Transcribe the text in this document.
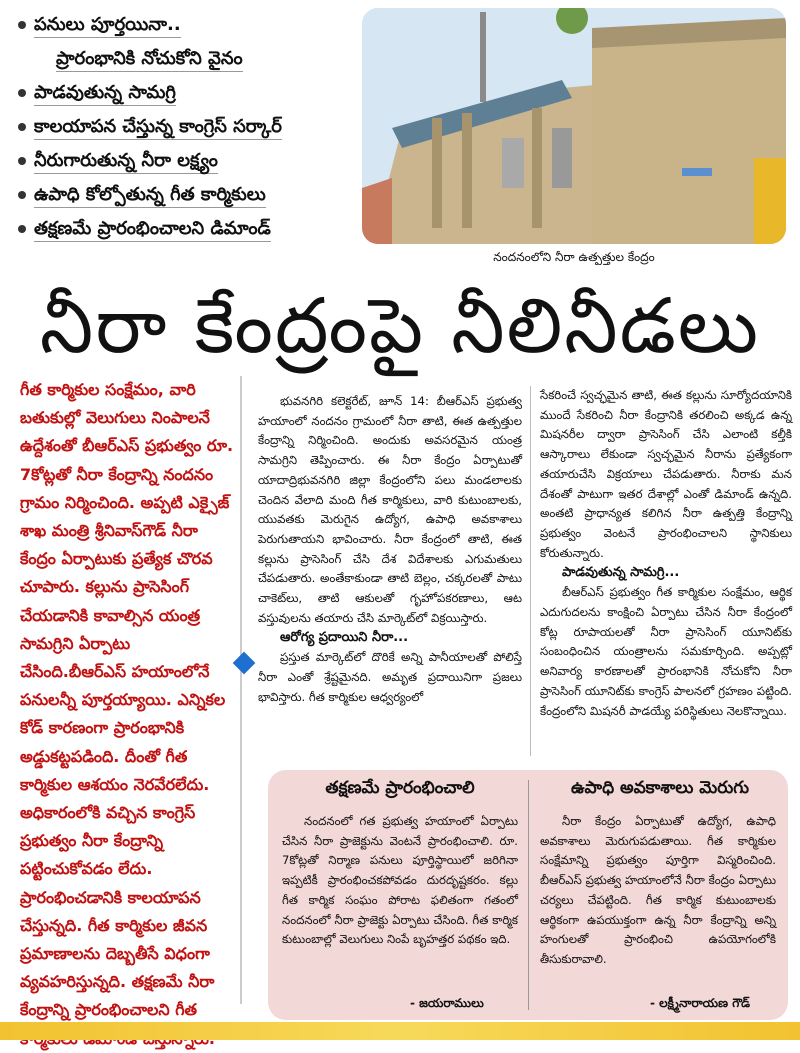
పనులు పూర్తయినా..
ప్రారంభానికి నోచుకోని వైనం
పాడవుతున్న సామగ్రి
కాలయాపన చేస్తున్న కాంగ్రెస్ సర్కార్
నీరుగారుతున్న నీరా లక్ష్యం
ఉపాధి కోల్పోతున్న గీత కార్మికులు
తక్షణమే ప్రారంభించాలని డిమాండ్
నందనంలోని నీరా ఉత్పత్తుల కేంద్రం
నీరా కేంద్రంపై నీలినీడలు

గీత కార్మికుల సంక్షేమం, వారి బతుకుల్లో వెలుగులు నింపాలనే ఉద్దేశంతో బీఆర్ఎస్ ప్రభుత్వం రూ. 7కోట్లతో నీరా కేంద్రాన్ని నందనం గ్రామం నిర్మించింది. అప్పటి ఎక్సైజ్ శాఖ మంత్రి శ్రీనివాస్‌గౌడ్ నీరా కేంద్రం ఏర్పాటుకు ప్రత్యేక చొరవ చూపారు. కల్లును ప్రాసెసింగ్ చేయడానికి కావాల్సిన యంత్ర సామగ్రిని ఏర్పాటు చేసింది.బీఆర్ఎస్ హయాంలోనే పనులన్నీ పూర్తయ్యాయి. ఎన్నికల కోడ్ కారణంగా ప్రారంభానికి అడ్డుకట్టపడింది. దీంతో గీత కార్మికుల ఆశయం నెరవేరలేదు. అధికారంలోకి వచ్చిన కాంగ్రెస్ ప్రభుత్వం నీరా కేంద్రాన్ని పట్టించుకోవడం లేదు. ప్రారంభించడానికి కాలయాపన చేస్తున్నది. గీత కార్మికుల జీవన ప్రమాణాలను దెబ్బతీసే విధంగా వ్యవహరిస్తున్నది. తక్షణమే నీరా కేంద్రాన్ని ప్రారంభించాలని గీత

భువనగిరి కలెక్టరేట్, జూన్ 14: బీఆర్ఎస్ ప్రభుత్వ హయాంలో నందనం గ్రామంలో నీరా తాటి, ఈత ఉత్పత్తుల కేంద్రాన్ని నిర్మించింది. అందుకు అవసరమైన యంత్ర సామగ్రిని తెప్పించారు. ఈ నీరా కేంద్రం ఏర్పాటుతో యాదాద్రిభువనగిరి జిల్లా కేంద్రంలోని పలు మండలాలకు చెందిన వేలాది మంది గీత కార్మికులు, వారి కుటుంబాలకు, యువతకు మెరుగైన ఉద్యోగ, ఉపాధి అవకాశాలు పెరుగుతాయని భావించారు. నీరా కేంద్రంలో తాటి, ఈత కల్లును ప్రాసెసింగ్ చేసి దేశ విదేశాలకు ఎగుమతులు చేపడుతారు. అంతేకాకుండా తాటి బెల్లం, చక్కరలతో పాటు చాకెట్‌లు, తాటి ఆకులతో గృహోపకరణాలు, ఆట వస్తువులను తయారు చేసి మార్కెట్‌లో విక్రయిస్తారు.

ఆరోగ్య ప్రదాయిని నీరా...

ప్రస్తుత మార్కెట్‌లో దొరికే అన్ని పానీయాలతో పోలిస్తే నీరా ఎంతో శ్రేష్టమైనది. అమృత ప్రదాయినిగా ప్రజలు భావిస్తారు. గీత కార్మికుల ఆధ్వర్యంలో

సేకరించే స్వచ్ఛమైన తాటి, ఈత కల్లును సూర్యోదయానికి ముందే సేకరించి నీరా కేంద్రానికి తరలించి అక్కడ ఉన్న మిషనరీల ద్వారా ప్రాసెసింగ్ చేసి ఎలాంటి కల్తీకి ఆస్కారాలు లేకుండా స్వచ్ఛమైన నీరాను ప్రత్యేకంగా తయారుచేసి విక్రయాలు చేపడుతారు. నీరాకు మన దేశంతో పాటుగా ఇతర దేశాల్లో ఎంతో డిమాండ్ ఉన్నది. అంతటి ప్రాధాన్యత కలిగిన నీరా ఉత్పత్తి కేంద్రాన్ని ప్రభుత్వం వెంటనే ప్రారంభించాలని స్థానికులు కోరుతున్నారు.

పాడవుతున్న సామగ్రి...

బీఆర్ఎస్ ప్రభుత్వం గీత కార్మికుల సంక్షేమం, ఆర్థిక ఎదుగుదలను కాంక్షించి ఏర్పాటు చేసిన నీరా కేంద్రంలో కోట్ల రూపాయలతో నీరా ప్రాసెసింగ్ యూనిట్‌కు సంబంధించిన యంత్రాలను సమకూర్చింది. అప్పట్లో అనివార్య కారణాలతో ప్రారంభానికి నోచుకోని నీరా ప్రాసెసింగ్ యూనిట్‌కు కాంగ్రెస్ పాలనలో గ్రహణం పట్టింది. కేంద్రంలోని మిషనరీ పాడయ్యే పరిస్థితులు నెలకొన్నాయి.

తక్షణమే ప్రారంభించాలి	ఉపాధి అవకాశాలు మెరుగు

నందనంలో గత ప్రభుత్వ హయాంలో ఏర్పాటు చేసిన నీరా ప్రాజెక్టును వెంటనే ప్రారంభించాలి. రూ. 7కోట్లతో నిర్మాణ పనులు పూర్తిస్థాయిలో జరిగినా ఇప్పటికీ ప్రారంభించకపోవడం దురదృష్టకరం. కల్లు గీత కార్మిక సంఘం పోరాట ఫలితంగా గతంలో నందనంలో నీరా ప్రాజెక్టు ఏర్పాటు చేసింది. గీత కార్మిక కుటుంబాల్లో వెలుగులు నింపే బృహత్తర పథకం ఇది.

నీరా కేంద్రం ఏర్పాటుతో ఉద్యోగ, ఉపాధి అవకాశాలు మెరుగుపడుతాయి. గీత కార్మికుల సంక్షేమాన్ని ప్రభుత్వం పూర్తిగా విస్మరించింది. బీఆర్ఎస్ ప్రభుత్వ హయాంలోనే నీరా కేంద్రం ఏర్పాటు చర్యలు చేపట్టింది. గీత కార్మిక కుటుంబాలకు ఆర్థికంగా ఉపయుక్తంగా ఉన్న నీరా కేంద్రాన్ని అన్ని హంగులతో ప్రారంభించి ఉపయోగంలోకి తీసుకురావాలి.

- జయరాములు	- లక్ష్మీనారాయణ గౌడ్
